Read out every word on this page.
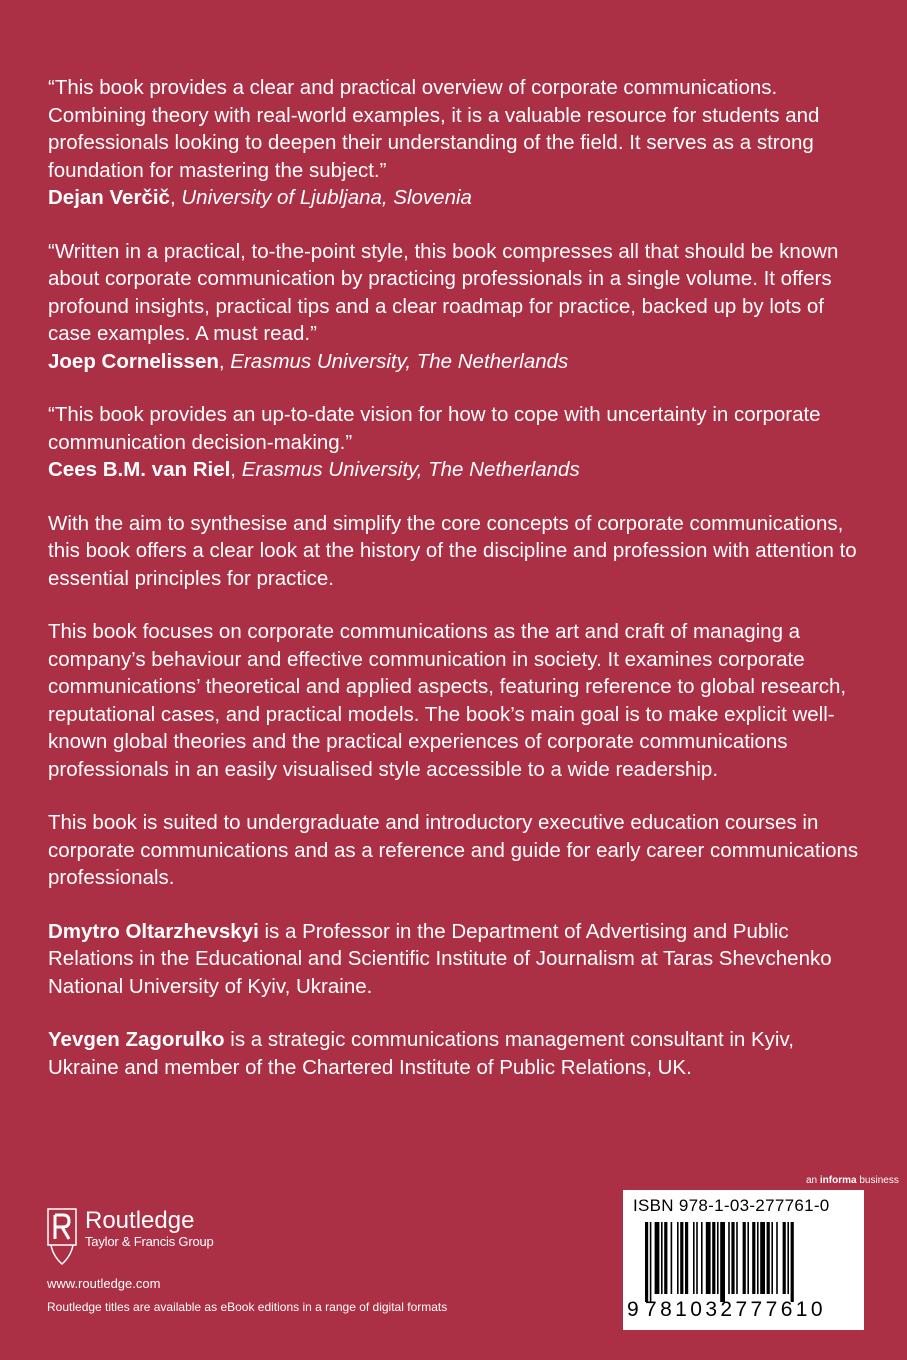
“This book provides a clear and practical overview of corporate communications. Combining theory with real-world examples, it is a valuable resource for students and professionals looking to deepen their understanding of the field. It serves as a strong foundation for mastering the subject.”
Dejan Verčič, University of Ljubljana, Slovenia
“Written in a practical, to-the-point style, this book compresses all that should be known about corporate communication by practicing professionals in a single volume. It offers profound insights, practical tips and a clear roadmap for practice, backed up by lots of case examples. A must read.”
Joep Cornelissen, Erasmus University, The Netherlands
“This book provides an up-to-date vision for how to cope with uncertainty in corporate communication decision-making.”
Cees B.M. van Riel, Erasmus University, The Netherlands

With the aim to synthesise and simplify the core concepts of corporate communications, this book offers a clear look at the history of the discipline and profession with attention to essential principles for practice.

This book focuses on corporate communications as the art and craft of managing a company’s behaviour and effective communication in society. It examines corporate communications’ theoretical and applied aspects, featuring reference to global research, reputational cases, and practical models. The book’s main goal is to make explicit well-known global theories and the practical experiences of corporate communications professionals in an easily visualised style accessible to a wide readership.

This book is suited to undergraduate and introductory executive education courses in corporate communications and as a reference and guide for early career communications professionals.

Dmytro Oltarzhevskyi is a Professor in the Department of Advertising and Public Relations in the Educational and Scientific Institute of Journalism at Taras Shevchenko National University of Kyiv, Ukraine.

Yevgen Zagorulko is a strategic communications management consultant in Kyiv, Ukraine and member of the Chartered Institute of Public Relations, UK.

Routledge
Taylor & Francis Group
www.routledge.com
Routledge titles are available as eBook editions in a range of digital formats
an informa business
ISBN 978-1-03-277761-0
9 781032777610
